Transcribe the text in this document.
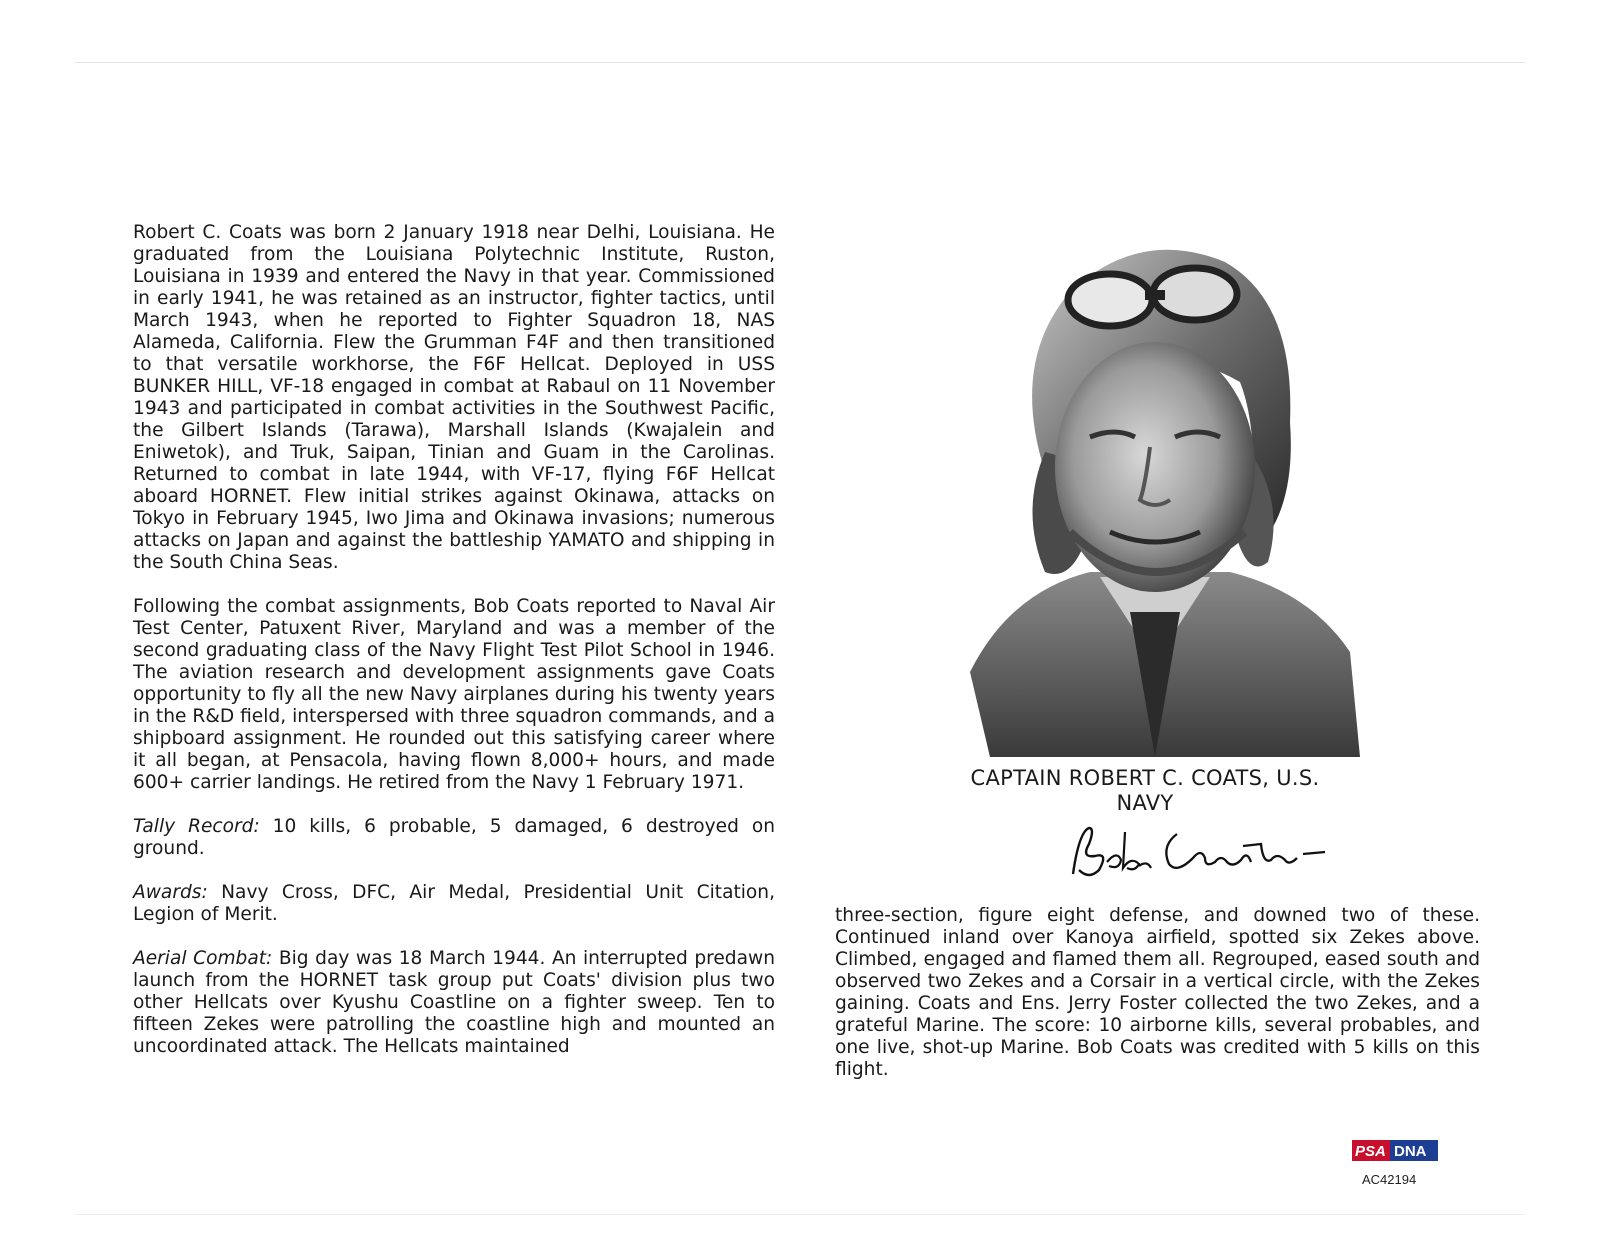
Robert C. Coats was born 2 January 1918 near Delhi, Louisiana. He graduated from the Louisiana Polytechnic Institute, Ruston, Louisiana in 1939 and entered the Navy in that year. Commissioned in early 1941, he was retained as an instructor, fighter tactics, until March 1943, when he reported to Fighter Squadron 18, NAS Alameda, California. Flew the Grumman F4F and then transitioned to that versatile workhorse, the F6F Hellcat. Deployed in USS BUNKER HILL, VF-18 engaged in combat at Rabaul on 11 November 1943 and participated in combat activities in the Southwest Pacific, the Gilbert Islands (Tarawa), Marshall Islands (Kwajalein and Eniwetok), and Truk, Saipan, Tinian and Guam in the Carolinas. Returned to combat in late 1944, with VF-17, flying F6F Hellcat aboard HORNET. Flew initial strikes against Okinawa, attacks on Tokyo in February 1945, Iwo Jima and Okinawa invasions; numerous attacks on Japan and against the battleship YAMATO and shipping in the South China Seas.

Following the combat assignments, Bob Coats reported to Naval Air Test Center, Patuxent River, Maryland and was a member of the second graduating class of the Navy Flight Test Pilot School in 1946. The aviation research and development assignments gave Coats opportunity to fly all the new Navy airplanes during his twenty years in the R&D field, interspersed with three squadron commands, and a shipboard assignment. He rounded out this satisfying career where it all began, at Pensacola, having flown 8,000+ hours, and made 600+ carrier landings. He retired from the Navy 1 February 1971.

Tally Record: 10 kills, 6 probable, 5 damaged, 6 destroyed on ground.

Awards: Navy Cross, DFC, Air Medal, Presidential Unit Citation, Legion of Merit.

Aerial Combat: Big day was 18 March 1944. An interrupted predawn launch from the HORNET task group put Coats' division plus two other Hellcats over Kyushu Coastline on a fighter sweep. Ten to fifteen Zekes were patrolling the coastline high and mounted an uncoordinated attack. The Hellcats maintained

CAPTAIN ROBERT C. COATS, U.S.
NAVY

three-section, figure eight defense, and downed two of these. Continued inland over Kanoya airfield, spotted six Zekes above. Climbed, engaged and flamed them all. Regrouped, eased south and observed two Zekes and a Corsair in a vertical circle, with the Zekes gaining. Coats and Ens. Jerry Foster collected the two Zekes, and a grateful Marine. The score: 10 airborne kills, several probables, and one live, shot-up Marine. Bob Coats was credited with 5 kills on this flight.

PSA DNA
AC42194
